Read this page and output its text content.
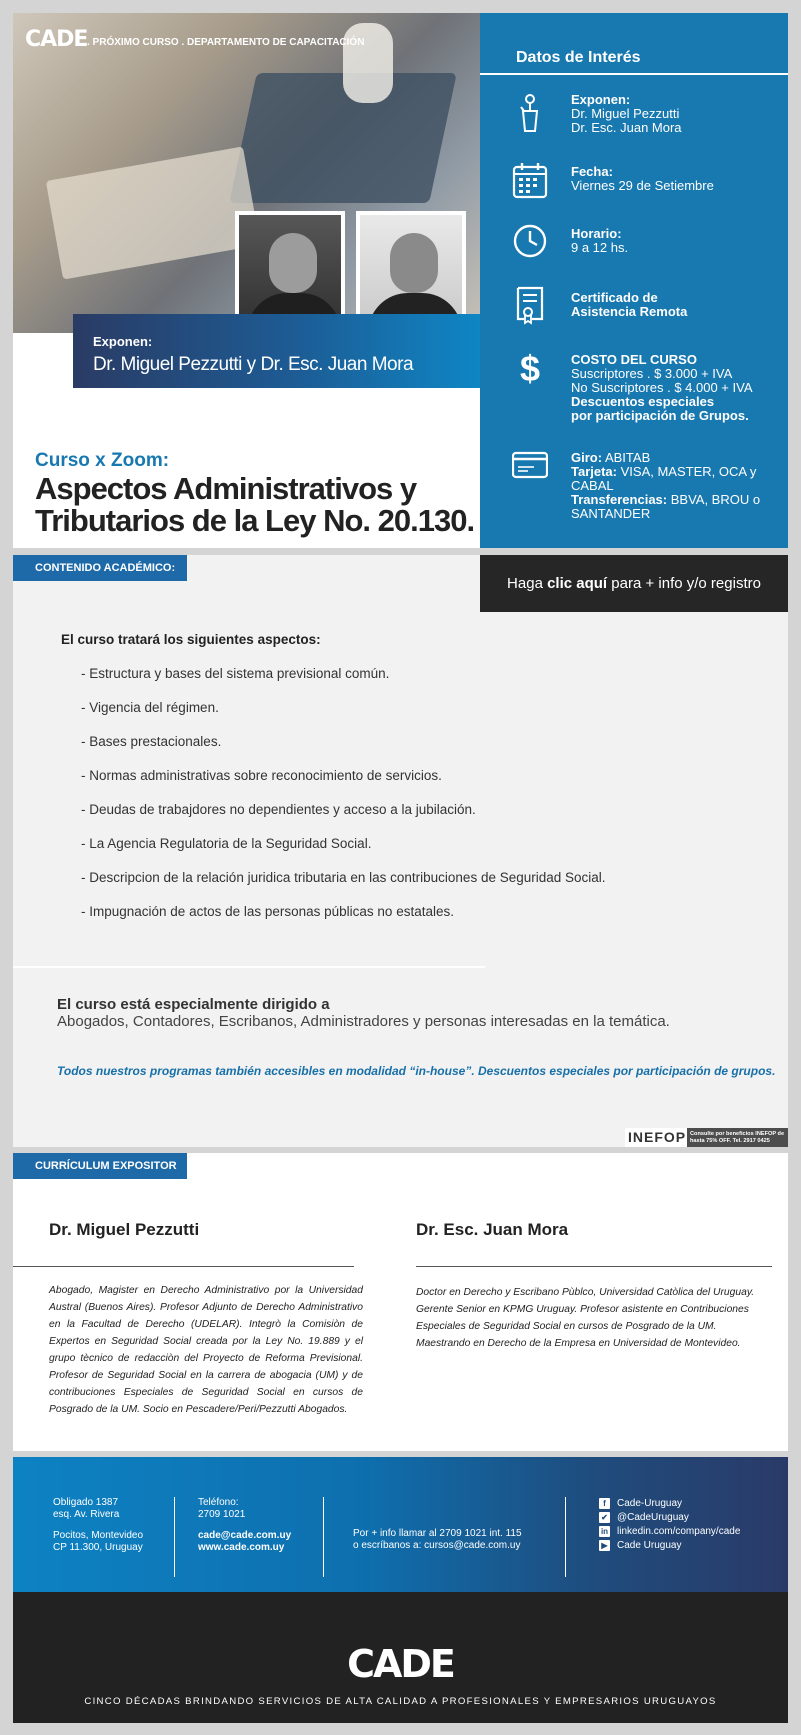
CADE . PRÓXIMO CURSO . DEPARTAMENTO DE CAPACITACIÓN
Exponen:
Dr. Miguel Pezzutti y Dr. Esc. Juan Mora
Curso x Zoom:
Aspectos Administrativos y Tributarios de la Ley No. 20.130.
Datos de Interés
Exponen:
Dr. Miguel Pezzutti
Dr. Esc. Juan Mora
Fecha:
Viernes 29 de Setiembre
Horario:
9 a 12 hs.
Certificado de
Asistencia Remota
$ COSTO DEL CURSO
Suscriptores . $ 3.000 + IVA
No Suscriptores . $ 4.000 + IVA
Descuentos especiales
por participación de Grupos.
Giro: ABITAB
Tarjeta: VISA, MASTER, OCA y CABAL
Transferencias: BBVA, BROU o SANTANDER
CONTENIDO ACADÉMICO:
El curso tratará los siguientes aspectos:
- Estructura y bases del sistema previsional común.
- Vigencia del régimen.
- Bases prestacionales.
- Normas administrativas sobre reconocimiento de servicios.
- Deudas de trabajdores no dependientes y acceso a la jubilación.
- La Agencia Regulatoria de la Seguridad Social.
- Descripcion de la relación juridica tributaria en las contribuciones de Seguridad Social.
- Impugnación de actos de las personas públicas no estatales.
El curso está especialmente dirigido a
Abogados, Contadores, Escribanos, Administradores y personas interesadas en la temática.
Todos nuestros programas también accesibles en modalidad “in-house”. Descuentos especiales por participación de grupos.
INEFOP Consulte por beneficios INEFOP de hasta 75% OFF. Tel. 2917 0425
Haga
clic aquí
para + info y/o registro
CURRÍCULUM EXPOSITOR
Dr. Miguel Pezzutti
Abogado, Magister en Derecho Administrativo por la Universidad Austral (Buenos Aires). Profesor Adjunto de Derecho Administrativo en la Facultad de Derecho (UDELAR). Integrò la Comisiòn de Expertos en Seguridad Social creada por la Ley No. 19.889 y el grupo tècnico de redacciòn del Proyecto de Reforma Previsional. Profesor de Seguridad Social en la carrera de abogacia (UM) y de contribuciones Especiales de Seguridad Social en cursos de Posgrado de la UM. Socio en Pescadere/Peri/Pezzutti Abogados.
Dr. Esc. Juan Mora
Doctor en Derecho y Escribano Pùblco, Universidad Catòlica del Uruguay. Gerente Senior en KPMG Uruguay. Profesor asistente en Contribuciones Especiales de Seguridad Social en cursos de Posgrado de la UM. Maestrando en Derecho de la Empresa en Universidad de Montevideo.
Obligado 1387
esq. Av. Rivera
Pocitos, Montevideo
CP 11.300, Uruguay
Teléfono:
2709 1021
cade@cade.com.uy
www.cade.com.uy
Por + info llamar al 2709 1021 int. 115
o escríbanos a: cursos@cade.com.uy
f	Cade-Uruguay
✔ @CadeUruguay
in linkedin.com/company/cade
▶ Cade Uruguay
CADE
CINCO DÉCADAS BRINDANDO SERVICIOS DE ALTA CALIDAD A PROFESIONALES Y EMPRESARIOS URUGUAYOS
